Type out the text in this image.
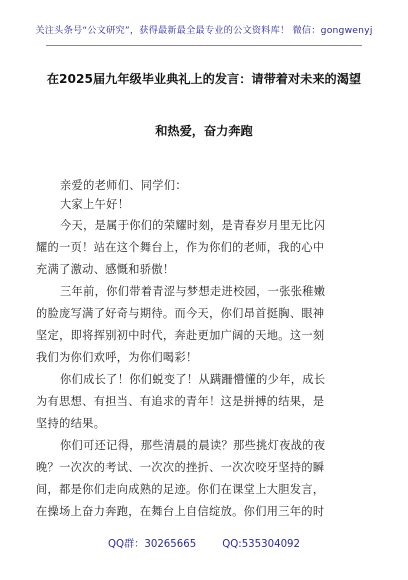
关注头条号“公文研究”，获得最新最全最专业的公文资料库！ 微信：gongwenyj
在2025届九年级毕业典礼上的发言：请带着对未来的渴望
和热爱，奋力奔跑
亲爱的老师们、同学们：
大家上午好！
今天，是属于你们的荣耀时刻，是青春岁月里无比闪
耀的一页！站在这个舞台上，作为你们的老师，我的心中
充满了激动、感慨和骄傲！
三年前，你们带着青涩与梦想走进校园，一张张稚嫩
的脸庞写满了好奇与期待。而今天，你们昂首挺胸、眼神
坚定，即将挥别初中时代，奔赴更加广阔的天地。这一刻
我们为你们欢呼，为你们喝彩！
你们成长了！你们蜕变了！从蹒跚懵懂的少年，成长
为有思想、有担当、有追求的青年！这是拼搏的结果，是
坚持的结果。
你们可还记得，那些清晨的晨读？那些挑灯夜战的夜
晚？一次次的考试、一次次的挫折、一次次咬牙坚持的瞬
间，都是你们走向成熟的足迹。你们在课堂上大胆发言，
在操场上奋力奔跑，在舞台上自信绽放。你们用三年的时
QQ群：30265665	QQ:535304092
